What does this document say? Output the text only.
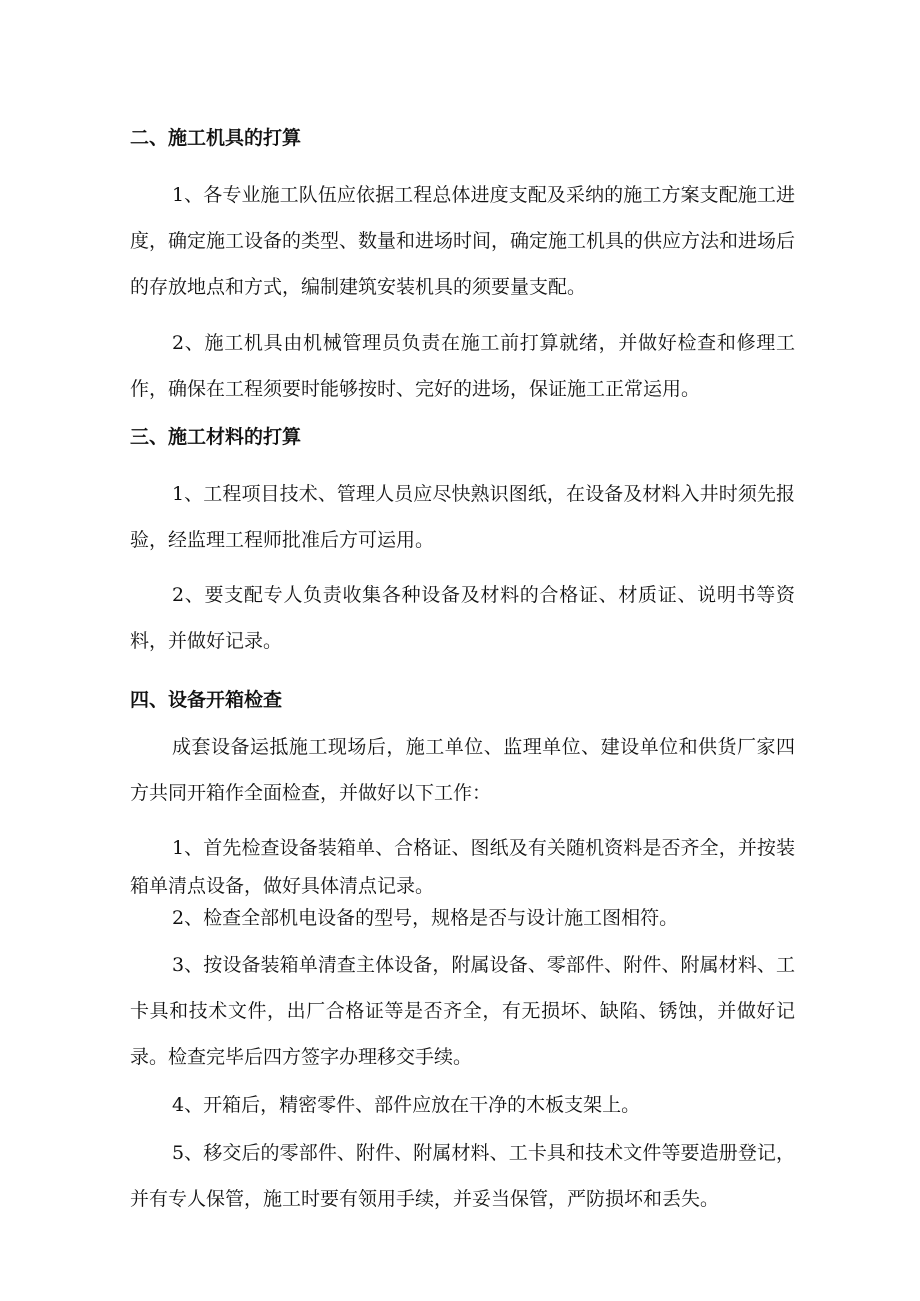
二、施工机具的打算

1、各专业施工队伍应依据工程总体进度支配及采纳的施工方案支配施工进度，确定施工设备的类型、数量和进场时间，确定施工机具的供应方法和进场后的存放地点和方式，编制建筑安装机具的须要量支配。

2、施工机具由机械管理员负责在施工前打算就绪，并做好检查和修理工作，确保在工程须要时能够按时、完好的进场，保证施工正常运用。

三、施工材料的打算

1、工程项目技术、管理人员应尽快熟识图纸，在设备及材料入井时须先报验，经监理工程师批准后方可运用。

2、要支配专人负责收集各种设备及材料的合格证、材质证、说明书等资料，并做好记录。

四、设备开箱检查

成套设备运抵施工现场后，施工单位、监理单位、建设单位和供货厂家四方共同开箱作全面检查，并做好以下工作：

1、首先检查设备装箱单、合格证、图纸及有关随机资料是否齐全，并按装箱单清点设备，做好具体清点记录。

2、检查全部机电设备的型号，规格是否与设计施工图相符。

3、按设备装箱单清查主体设备，附属设备、零部件、附件、附属材料、工卡具和技术文件，出厂合格证等是否齐全，有无损坏、缺陷、锈蚀，并做好记录。检查完毕后四方签字办理移交手续。

4、开箱后，精密零件、部件应放在干净的木板支架上。

5、移交后的零部件、附件、附属材料、工卡具和技术文件等要造册登记，并有专人保管，施工时要有领用手续，并妥当保管，严防损坏和丢失。
